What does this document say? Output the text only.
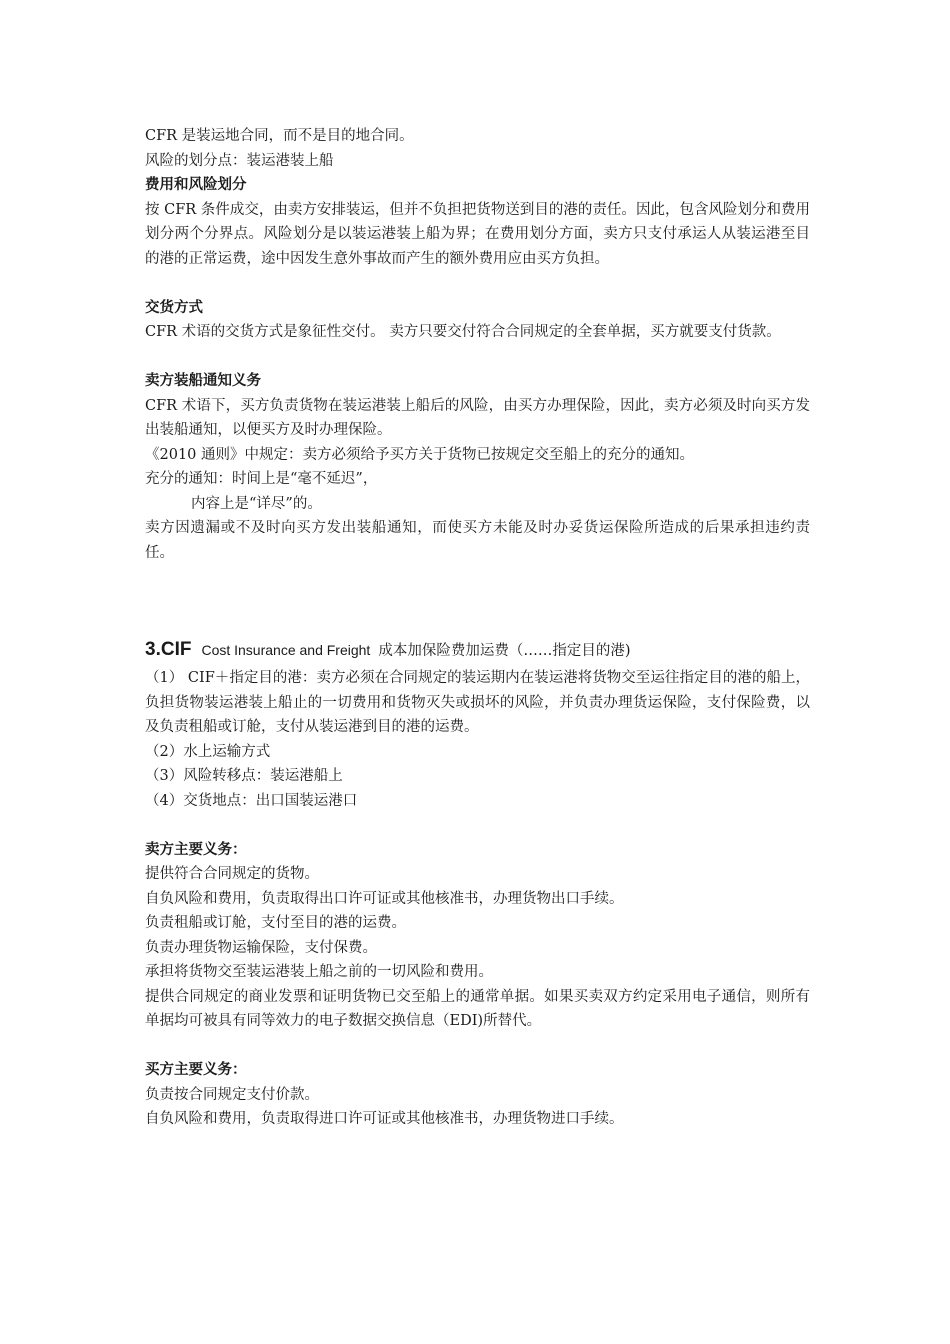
CFR 是装运地合同，而不是目的地合同。

风险的划分点：装运港装上船

费用和风险划分

按 CFR 条件成交，由卖方安排装运，但并不负担把货物送到目的港的责任。因此，包含风险划分和费用划分两个分界点。风险划分是以装运港装上船为界；在费用划分方面，卖方只支付承运人从装运港至目的港的正常运费，途中因发生意外事故而产生的额外费用应由买方负担。

交货方式

CFR 术语的交货方式是象征性交付。 卖方只要交付符合合同规定的全套单据，买方就要支付货款。

卖方装船通知义务

CFR 术语下，买方负责货物在装运港装上船后的风险，由买方办理保险，因此，卖方必须及时向买方发出装船通知，以便买方及时办理保险。

《2010 通则》中规定：卖方必须给予买方关于货物已按规定交至船上的充分的通知。

充分的通知：时间上是“毫不延迟”，

内容上是“详尽”的。

卖方因遗漏或不及时向买方发出装船通知，而使买方未能及时办妥货运保险所造成的后果承担违约责任。

3.CIF Cost Insurance and Freight 成本加保险费加运费（……指定目的港)

（1） CIF＋指定目的港：卖方必须在合同规定的装运期内在装运港将货物交至运往指定目的港的船上，负担货物装运港装上船止的一切费用和货物灭失或损坏的风险，并负责办理货运保险，支付保险费，以及负责租船或订舱，支付从装运港到目的港的运费。

（2）水上运输方式

（3）风险转移点：装运港船上

（4）交货地点：出口国装运港口

卖方主要义务：

提供符合合同规定的货物。

自负风险和费用，负责取得出口许可证或其他核准书，办理货物出口手续。

负责租船或订舱，支付至目的港的运费。

负责办理货物运输保险，支付保费。

承担将货物交至装运港装上船之前的一切风险和费用。

提供合同规定的商业发票和证明货物已交至船上的通常单据。如果买卖双方约定采用电子通信，则所有单据均可被具有同等效力的电子数据交换信息（EDI)所替代。

买方主要义务：

负责按合同规定支付价款。

自负风险和费用，负责取得进口许可证或其他核准书，办理货物进口手续。
